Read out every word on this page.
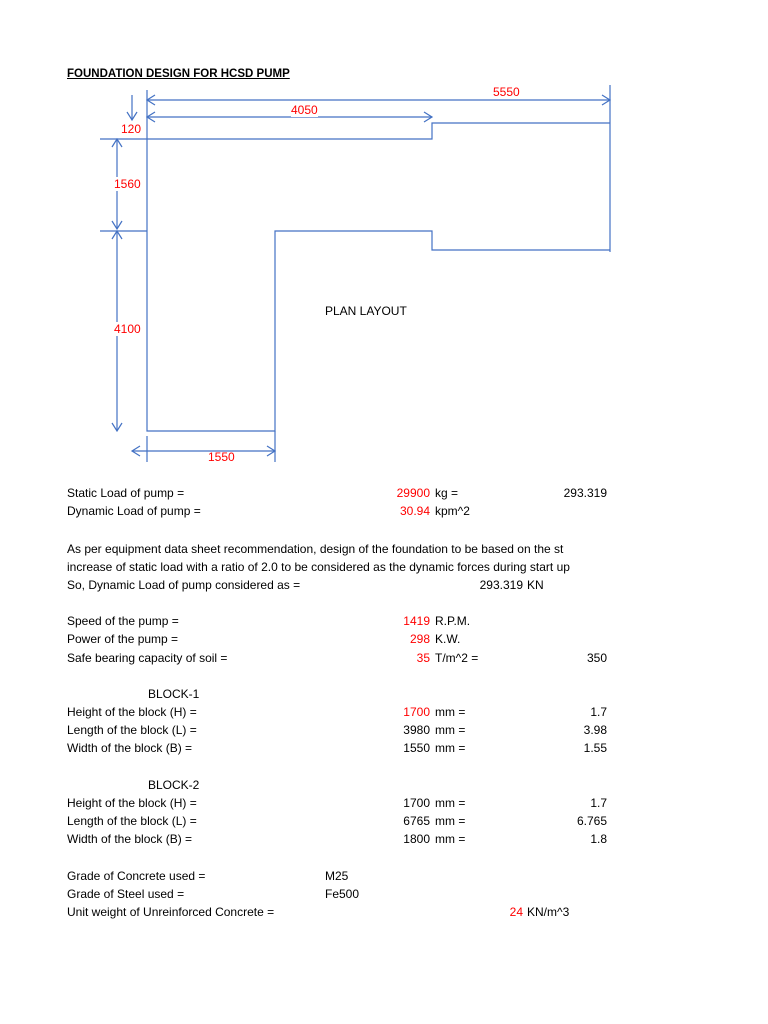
FOUNDATION DESIGN FOR HCSD PUMP
5550
4050
120
1560
4100
1550
PLAN LAYOUT
Static Load of pump =	29900 kg =	293.319
Dynamic Load of pump =	30.94 kpm^2
As per equipment data sheet recommendation, design of the foundation to be based on the st
increase of static load with a ratio of 2.0 to be considered as the dynamic forces during start up
So, Dynamic Load of pump considered as =	293.319 KN
Speed of the pump =	1419 R.P.M.
Power of the pump =	298 K.W.
Safe bearing capacity of soil =	35 T/m^2 =	350
BLOCK-1
Height of the block (H) =	1700 mm =	1.7
Length of the block (L) =	3980 mm =	3.98
Width of the block (B) =	1550 mm =	1.55
BLOCK-2
Height of the block (H) =	1700 mm =	1.7
Length of the block (L) =	6765 mm =	6.765
Width of the block (B) =	1800 mm =	1.8
Grade of Concrete used =	M25
Grade of Steel used =	Fe500
Unit weight of Unreinforced Concrete =	24 KN/m^3
